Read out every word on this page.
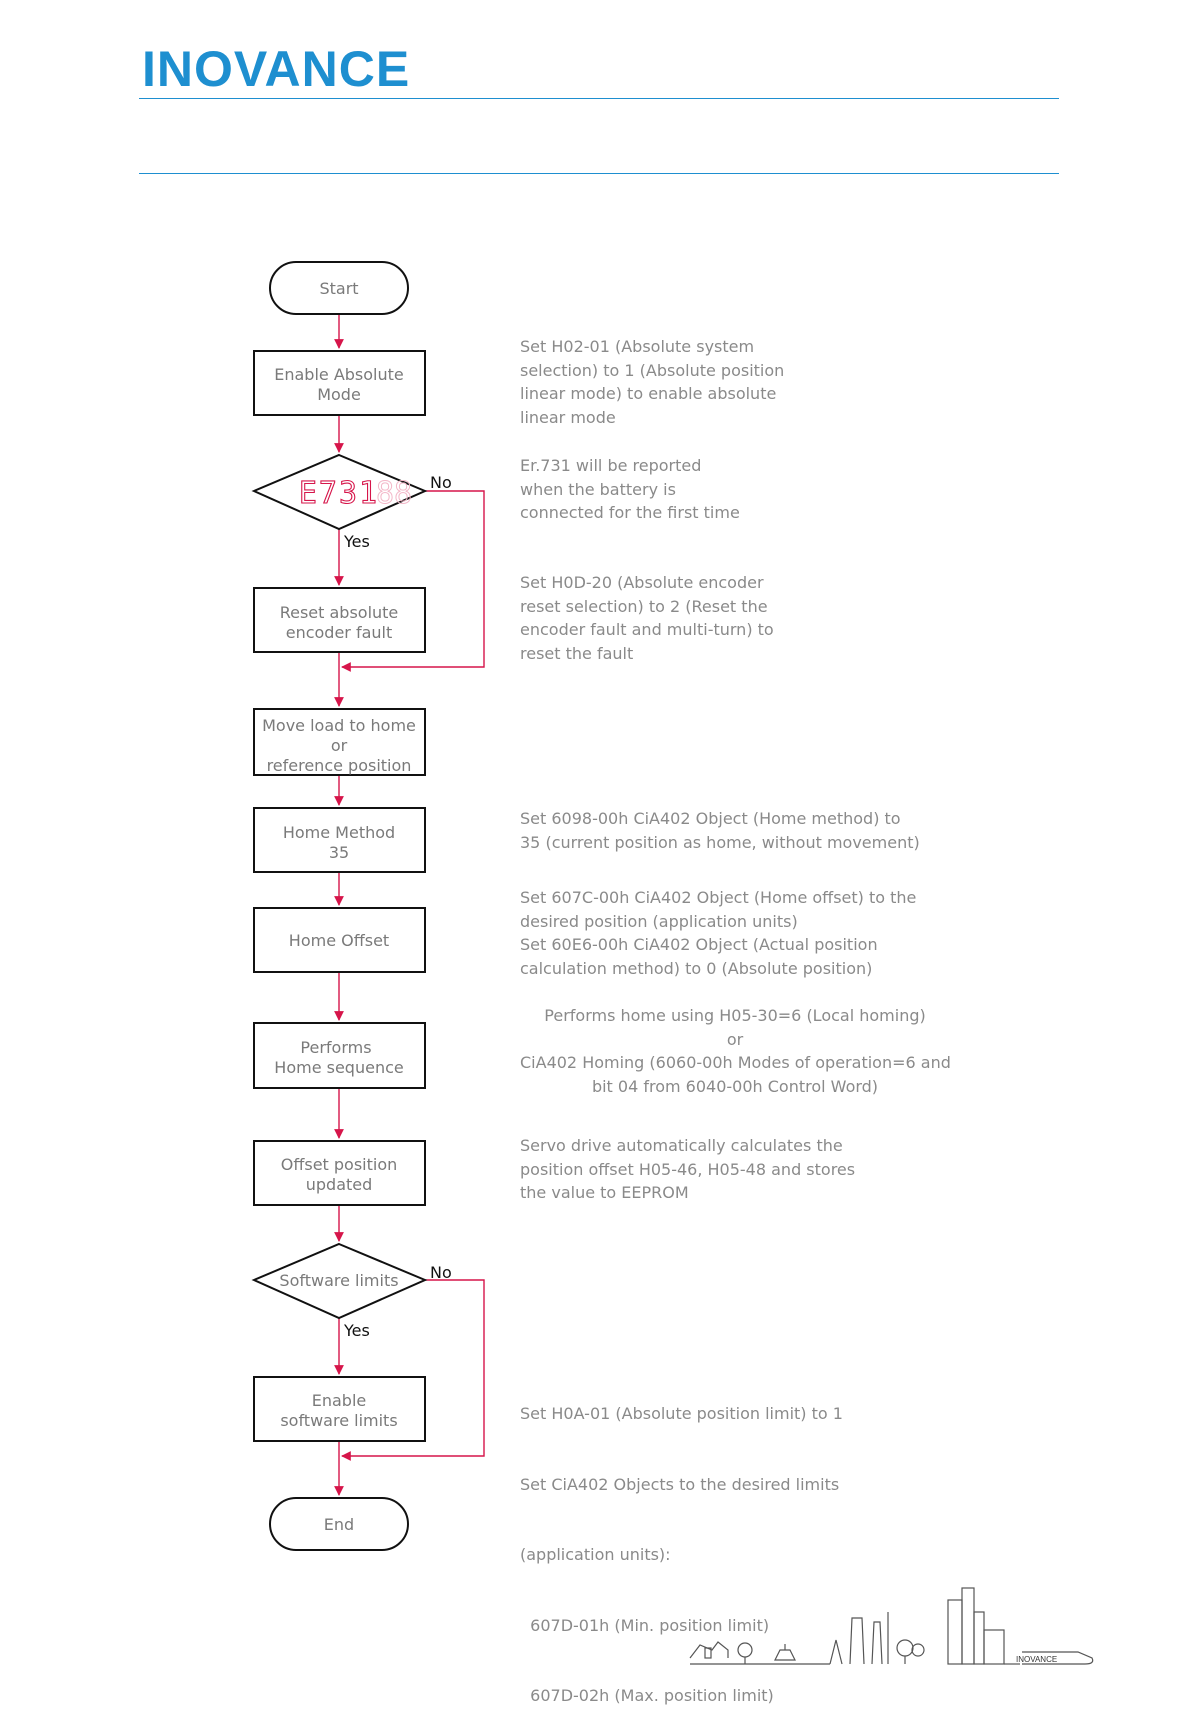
INOVANCE
Start
Enable Absolute
Mode
E731
88 No
Yes
Reset absolute
encoder fault
Move load to home
or
reference position
Home Method
35
Home Offset
Performs
Home sequence
Offset position
updated
Software limits No
Yes
Enable
software limits
End
INOVANCE
Set H02-01 (Absolute system
selection) to 1 (Absolute position
linear mode) to enable absolute
linear mode
Er.731 will be reported
when the battery is
connected for the first time
Set H0D-20 (Absolute encoder
reset selection) to 2 (Reset the
encoder fault and multi-turn) to
reset the fault
Set 6098-00h CiA402 Object (Home method) to
35 (current position as home, without movement)
Set 607C-00h CiA402 Object (Home offset) to the
desired position (application units)
Set 60E6-00h CiA402 Object (Actual position
calculation method) to 0 (Absolute position)
Performs home using H05-30=6 (Local homing)
or
CiA402 Homing (6060-00h Modes of operation=6 and
bit 04 from 6040-00h Control Word)
Servo drive automatically calculates the
position offset H05-46, H05-48 and stores
the value to EEPROM

Set H0A-01 (Absolute position limit) to 1

Set CiA402 Objects to the desired limits

(application units):

607D-01h (Min. position limit)

607D-02h (Max. position limit)
